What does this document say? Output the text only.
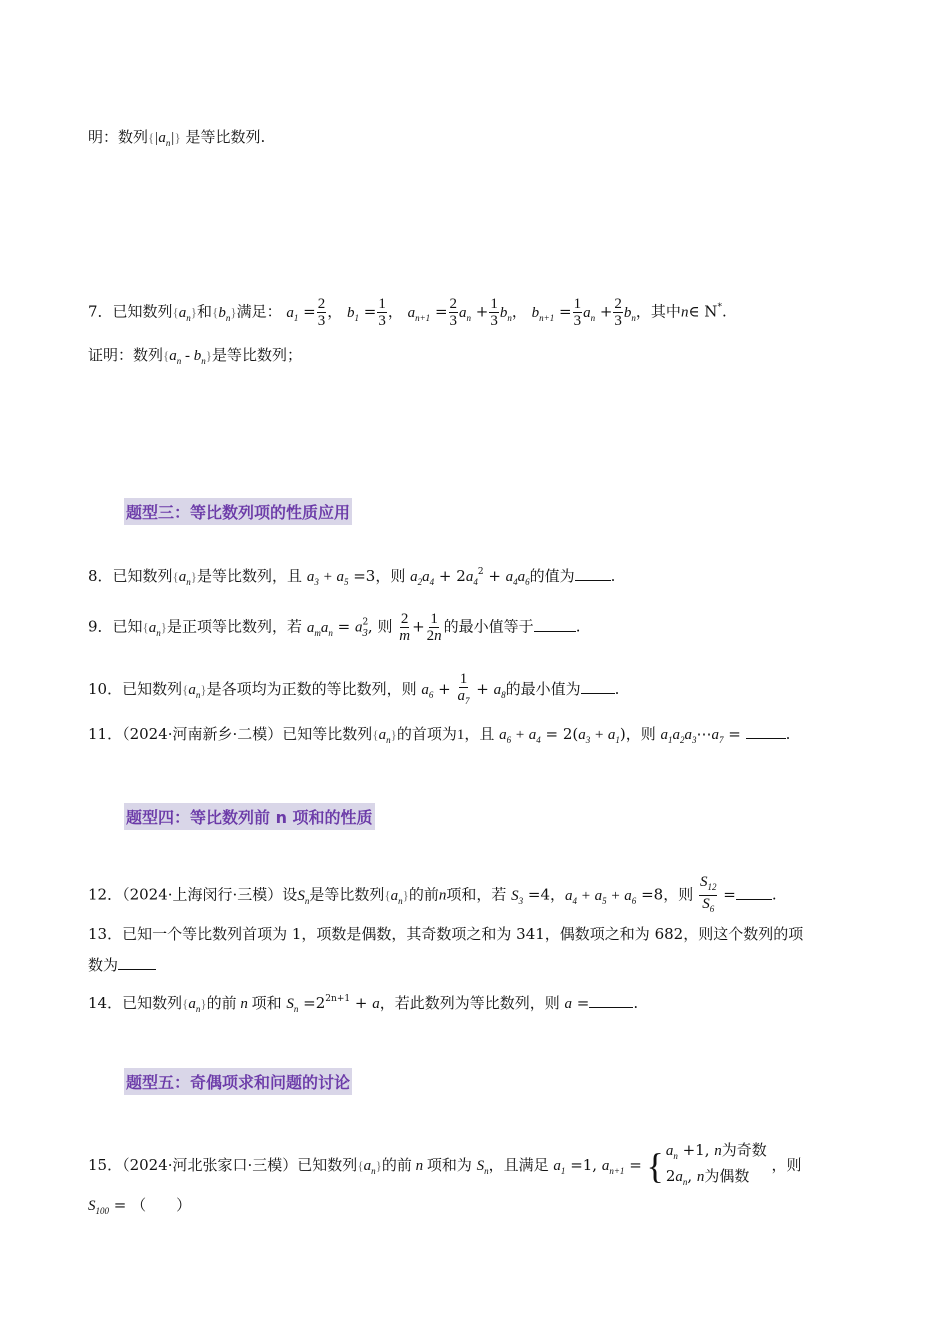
明：数列$\{|a_n|\}$ 是等比数列.
7．已知数列$\{a_n\}$和$\{b_n\}$满足： $a_1 = \frac{2}{3}$ ， $b_1 = \frac{1}{3}$ ， $a_{n+1} = \frac{2}{3} a_n + \frac{1}{3} b_n$， $b_{n+1} = \frac{1}{3} a_n + \frac{2}{3} b_n$，其中n∈ N*.
证明：数列$\{a_n - b_n\}$是等比数列；
题型三：等比数列项的性质应用
8．已知数列$\{a_n\}$是等比数列，且 $a_3 + a_5 =3$，则 $a_2a_4 + 2a_4^2 + a_4a_6$的值为 .
9．已知$\{a_n\}$是正项等比数列，若 $a_ma_n = a^2_3$, 则 $\frac{2}{m} + \frac{1}{2n}$ 的最小值等于	.
10．已知数列$\{a_n\}$是各项均为正数的等比数列，则 $a_6 + \frac{1}{a_7} + a_8$的最小值为 .
11．（2024·河南新乡·二模）已知等比数列$\{a_n\}$的首项为1，且 $a_6 + a_4 = 2(a_3 + a_1)$，则 $a_1a_2a_3\cdots a_7$ =	.
题型四：等比数列前 n 项和的性质
12．（2024·上海闵行·三模）设$S_n$是等比数列$\{a_n\}$的前n项和，若 $S_3 =4$，$a_4 + a_5 + a_6 =8$，则 $\frac{S_{12}}{S_6}$ = .
13．已知一个等比数列首项为 1，项数是偶数，其奇数项之和为 341，偶数项之和为 682，则这个数列的项
数为
14．已知数列$\{a_n\}$的前 n 项和 $S_n =2^{2n+1} + a$，若此数列为等比数列，则 a =	.
题型五：奇偶项求和问题的讨论
15．（2024·河北张家口·三模）已知数列$\{a_n\}$的前 n 项和为 $S_n$，且满足 $a_1 =1$, $a_{n+1}$ = { $a_n +1$, n为奇数
$2a_n$, n为偶数
，则
$S_{100}$ = （　　）
